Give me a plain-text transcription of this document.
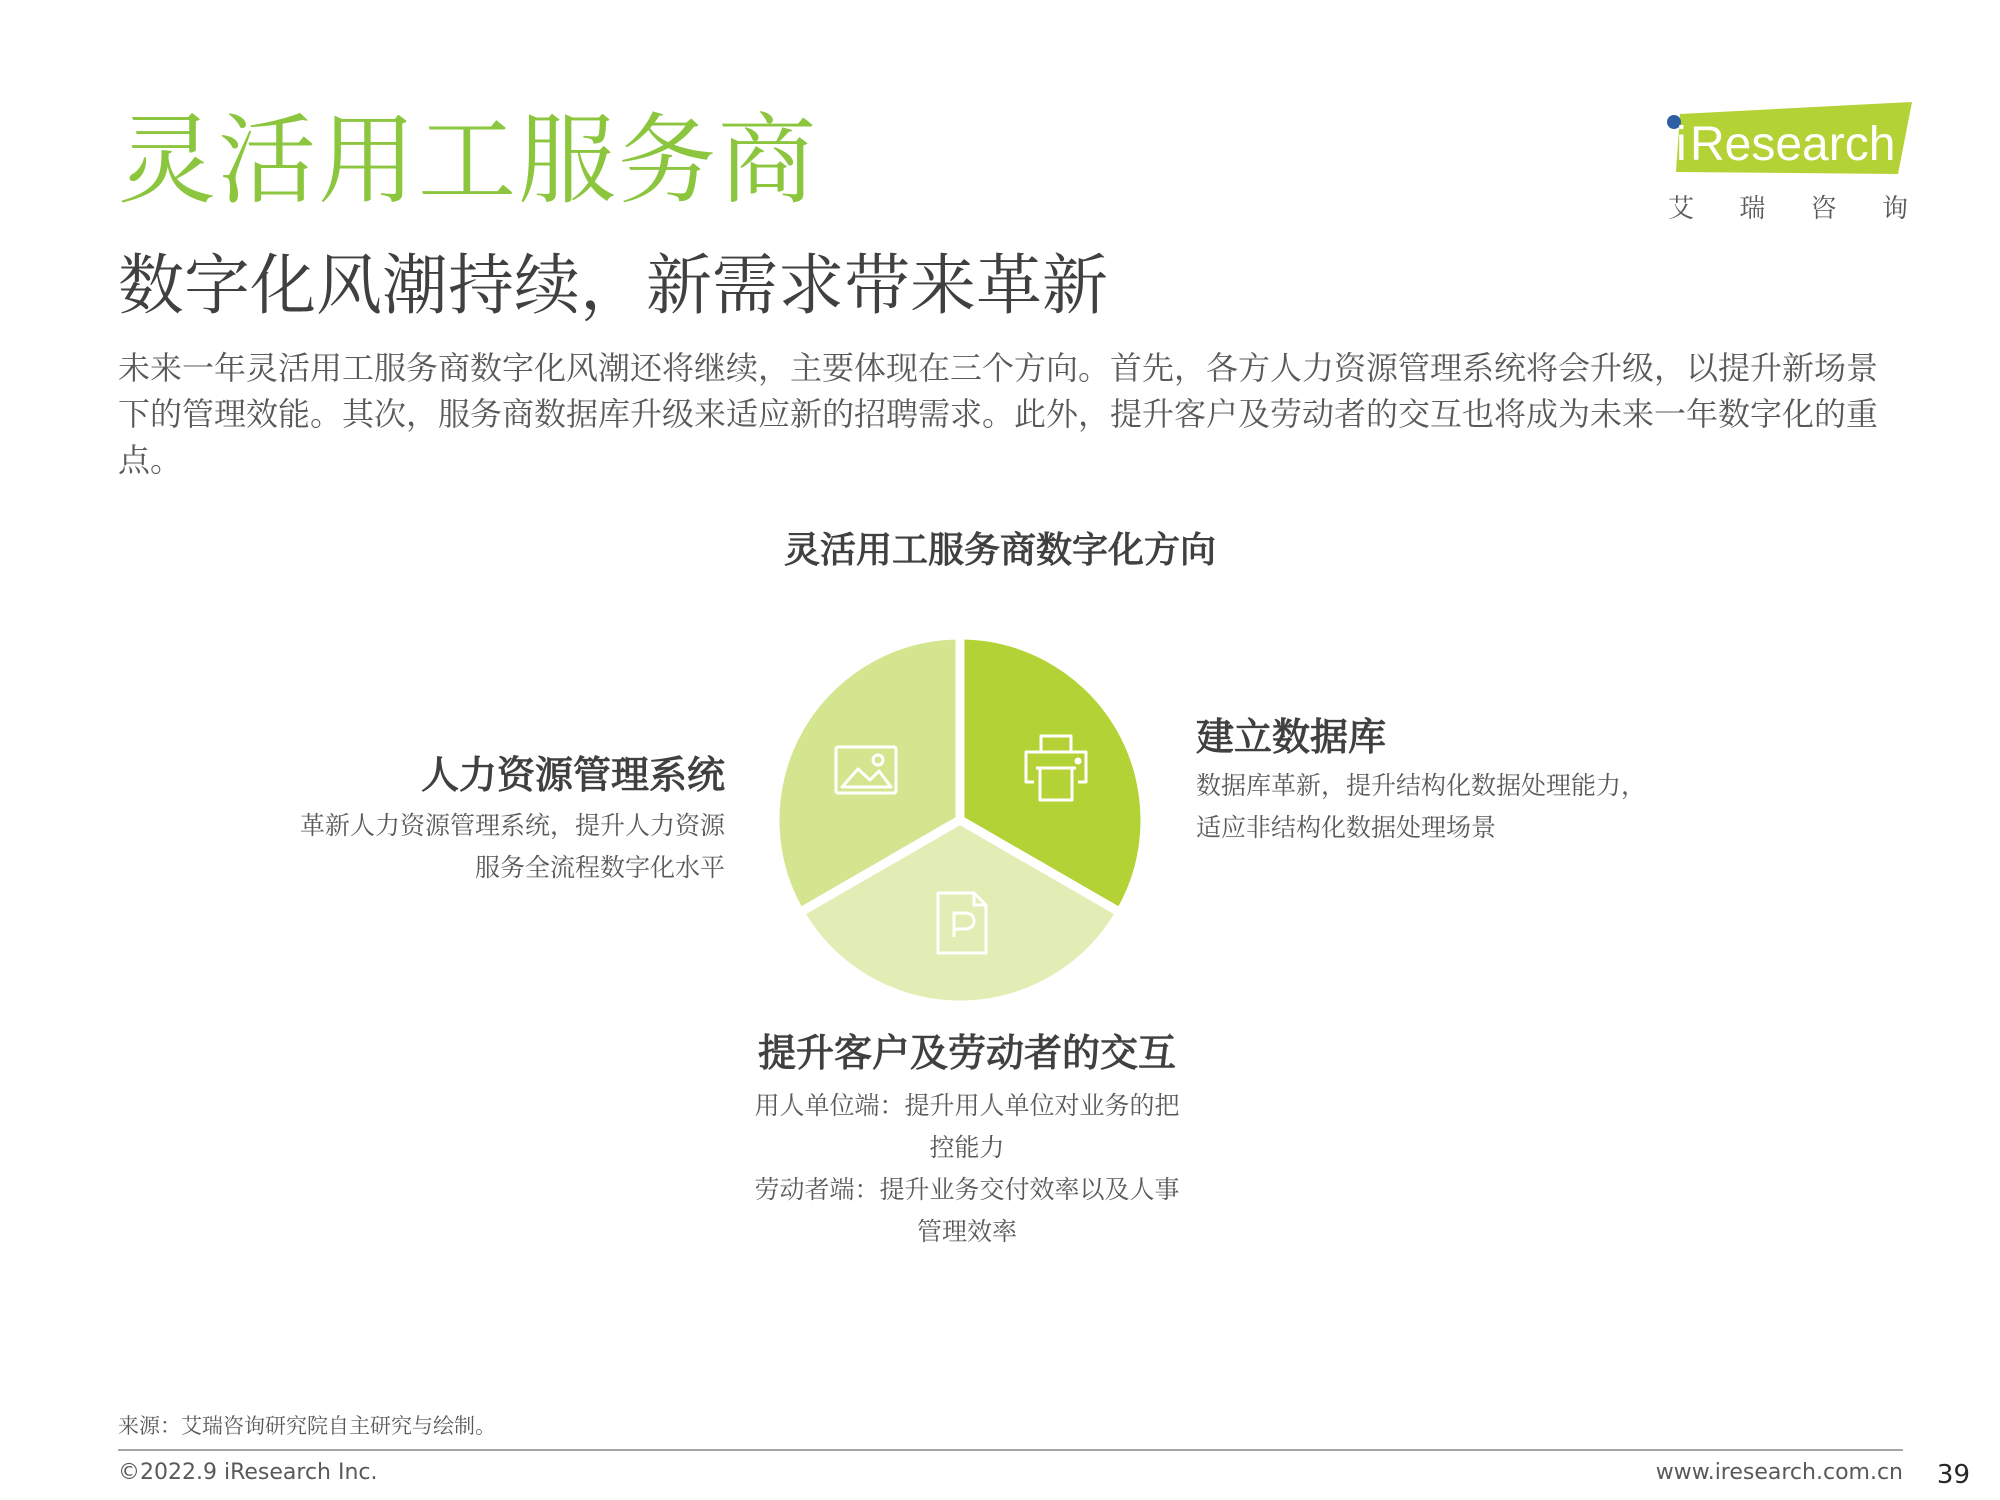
i Research
艾 瑞 咨 询
灵活用工服务商
数字化风潮持续，新需求带来革新
未来一年灵活用工服务商数字化风潮还将继续，主要体现在三个方向。首先，各方人力资源管理系统将会升级，以提升新场景下的管理效能。其次，服务商数据库升级来适应新的招聘需求。此外，提升客户及劳动者的交互也将成为未来一年数字化的重点。
灵活用工服务商数字化方向
人力资源管理系统
革新人力资源管理系统，提升人力资源
服务全流程数字化水平
建立数据库
数据库革新，提升结构化数据处理能力，
适应非结构化数据处理场景
提升客户及劳动者的交互
用人单位端：提升用人单位对业务的把
控能力
劳动者端：提升业务交付效率以及人事
管理效率
来源：艾瑞咨询研究院自主研究与绘制。
©2022.9 iResearch Inc.	www.iresearch.com.cn 39
